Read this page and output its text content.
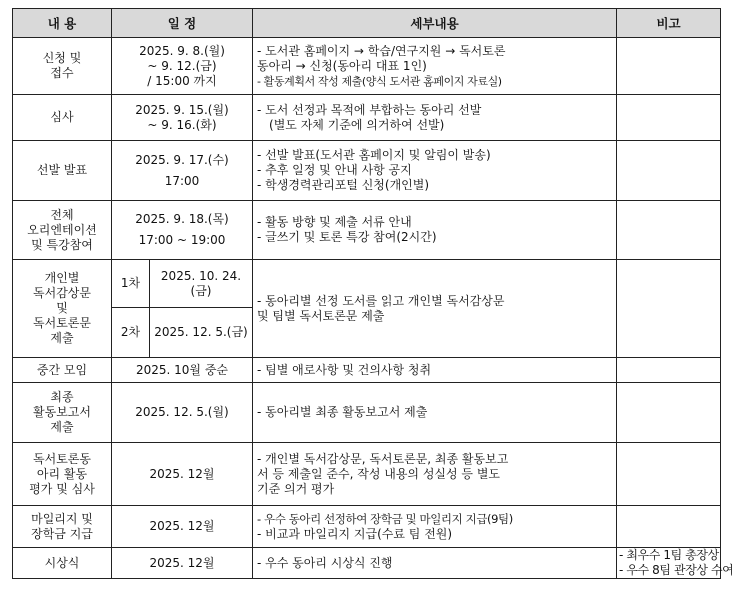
내 용	일 정		세부내용	비고

신청 및
접수	2025. 9. 8.(월)
~ 9. 12.(금)
/ 15:00 까지		- 도서관 홈페이지 → 학습/연구지원 → 독서토론
동아리 → 신청(동아리 대표 1인)
- 활동계획서 작성 제출(양식 도서관 홈페이지 자료실)	

심사	2025. 9. 15.(월)
~ 9. 16.(화)		- 도서 선정과 목적에 부합하는 동아리 선발
(별도 자체 기준에 의거하여 선발)	

선발 발표	2025. 9. 17.(수)
17:00		- 선발 발표(도서관 홈페이지 및 알림이 발송)
- 추후 일정 및 안내 사항 공지
- 학생경력관리포털 신청(개인별)	

전체
오리엔테이션
및 특강참여	2025. 9. 18.(목)
17:00 ~ 19:00		- 활동 방향 및 제출 서류 안내
- 글쓰기 및 토론 특강 참여(2시간)	

개인별
독서감상문
및
독서토론문
제출	1차	2025. 10. 24.(금)	- 동아리별 선정 도서를 읽고 개인별 독서감상문
및 팀별 독서토론문 제출	

	2차	2025. 12. 5.(금)		
중간 모임	2025. 10월 중순		- 팀별 애로사항 및 건의사항 청취	

최종
활동보고서
제출	2025. 12. 5.(월)		- 동아리별 최종 활동보고서 제출	

독서토론동
아리 활동
평가 및 심사	2025. 12월		- 개인별 독서감상문, 독서토론문, 최종 활동보고
서 등 제출일 준수, 작성 내용의 성실성 등 별도
기준 의거 평가	

마일리지 및
장학금 지급	2025. 12월		- 우수 동아리 선정하여 장학금 및 마일리지 지급(9팀)
- 비교과 마일리지 지급(수료 팀 전원)	

시상식	2025. 12월		- 우수 동아리 시상식 진행	- 최우수 1팀 총장상
- 우수 8팀 관장상 수여
